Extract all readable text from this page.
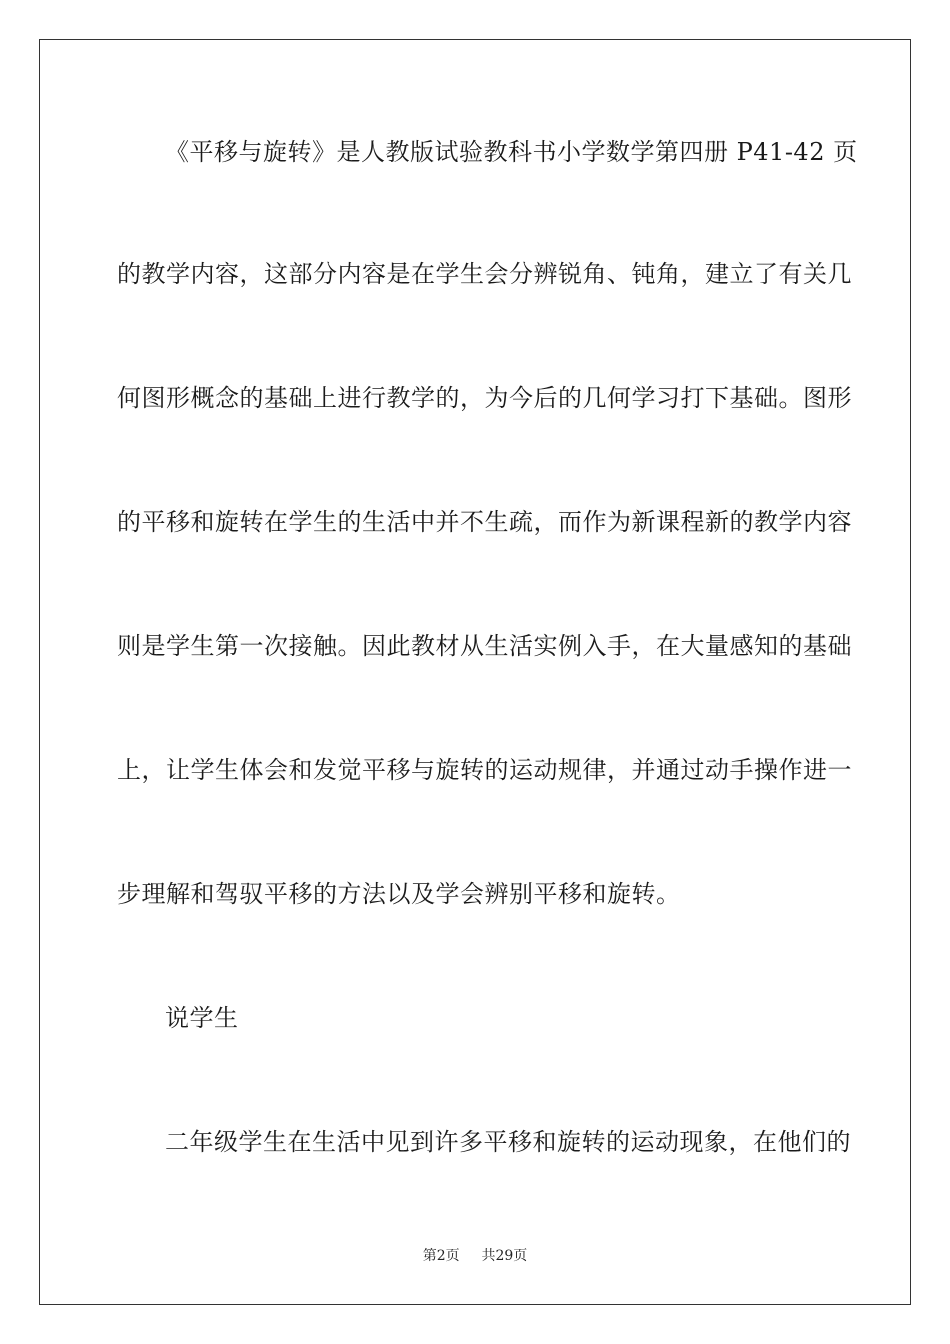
《平移与旋转》是人教版试验教科书小学数学第四册 P41-42 页
的教学内容，这部分内容是在学生会分辨锐角、钝角，建立了有关几
何图形概念的基础上进行教学的，为今后的几何学习打下基础。图形
的平移和旋转在学生的生活中并不生疏，而作为新课程新的教学内容
则是学生第一次接触。因此教材从生活实例入手，在大量感知的基础
上，让学生体会和发觉平移与旋转的运动规律，并通过动手操作进一
步理解和驾驭平移的方法以及学会辨别平移和旋转。
说学生
二年级学生在生活中见到许多平移和旋转的运动现象，在他们的
第2页 共29页
